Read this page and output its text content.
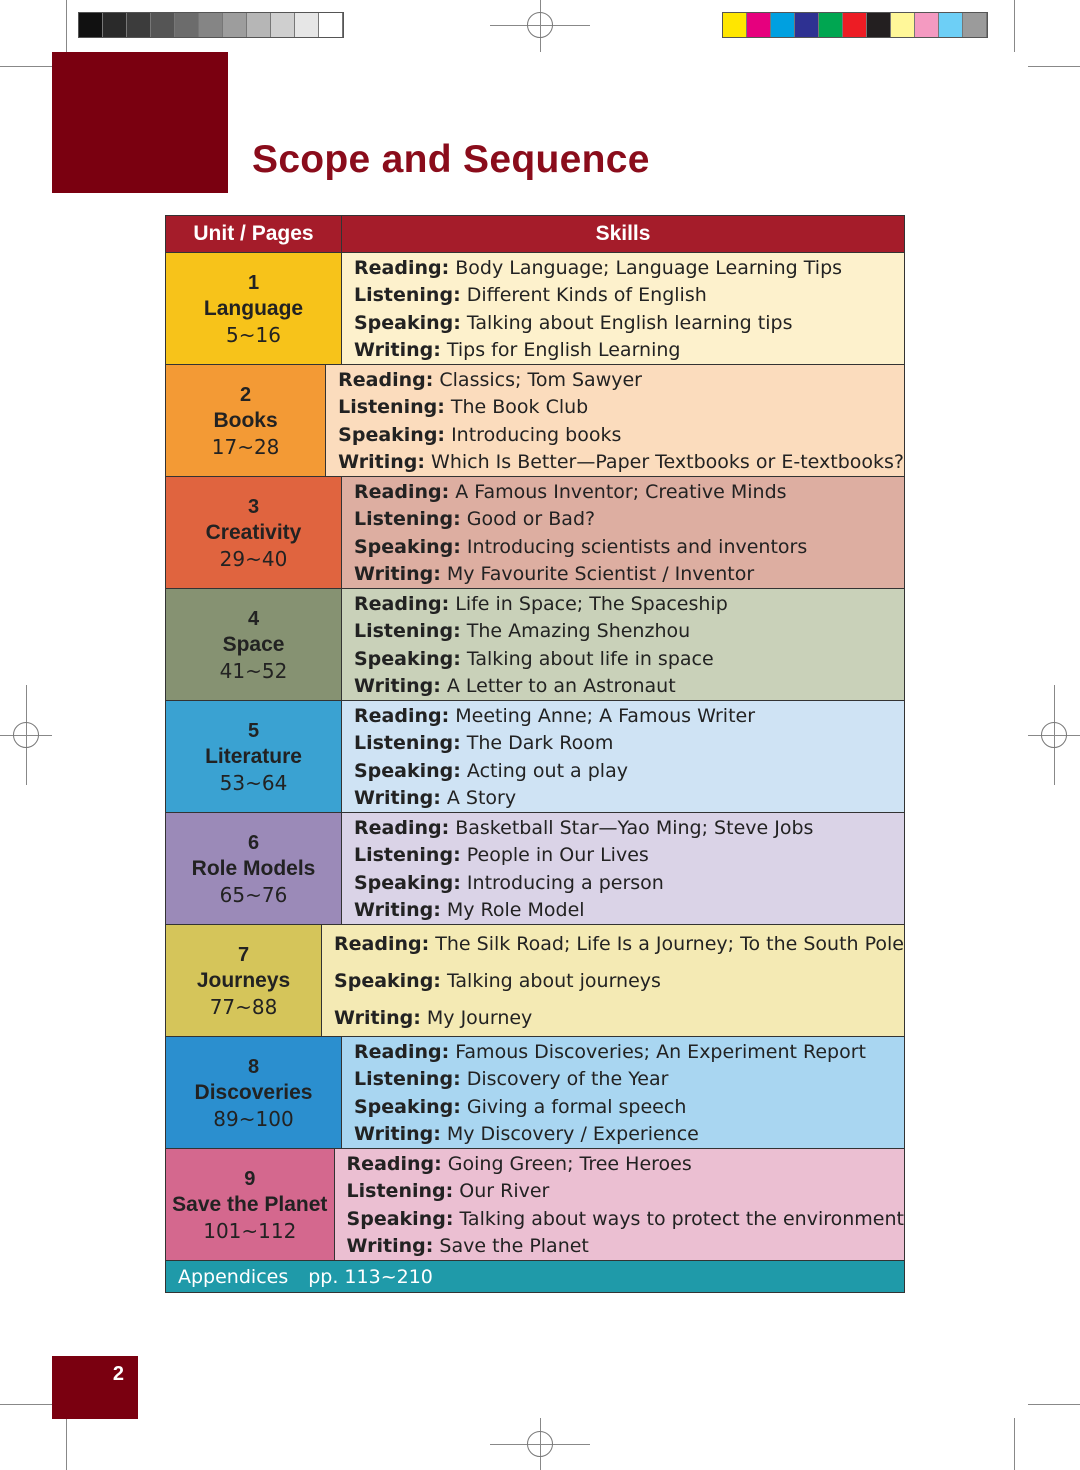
Scope and Sequence
Unit / Pages	Skills
1
Language
5~16
Reading: Body Language; Language Learning Tips
Listening: Different Kinds of English
Speaking: Talking about English learning tips
Writing: Tips for English Learning
2
Books
17~28
Reading: Classics; Tom Sawyer
Listening: The Book Club
Speaking: Introducing books
Writing: Which Is Better—Paper Textbooks or E-textbooks?
3
Creativity
29~40
Reading: A Famous Inventor; Creative Minds
Listening: Good or Bad?
Speaking: Introducing scientists and inventors
Writing: My Favourite Scientist / Inventor
4
Space
41~52
Reading: Life in Space; The Spaceship
Listening: The Amazing Shenzhou
Speaking: Talking about life in space
Writing: A Letter to an Astronaut
5
Literature
53~64
Reading: Meeting Anne; A Famous Writer
Listening: The Dark Room
Speaking: Acting out a play
Writing: A Story
6
Role Models
65~76
Reading: Basketball Star—Yao Ming; Steve Jobs
Listening: People in Our Lives
Speaking: Introducing a person
Writing: My Role Model
7
Journeys
77~88
Reading: The Silk Road; Life Is a Journey; To the South Pole
Speaking: Talking about journeys
Writing: My Journey
8
Discoveries
89~100
Reading: Famous Discoveries; An Experiment Report
Listening: Discovery of the Year
Speaking: Giving a formal speech
Writing: My Discovery / Experience
9
Save the Planet
101~112
Reading: Going Green; Tree Heroes
Listening: Our River
Speaking: Talking about ways to protect the environment
Writing: Save the Planet
Appendices pp. 113~210
2
